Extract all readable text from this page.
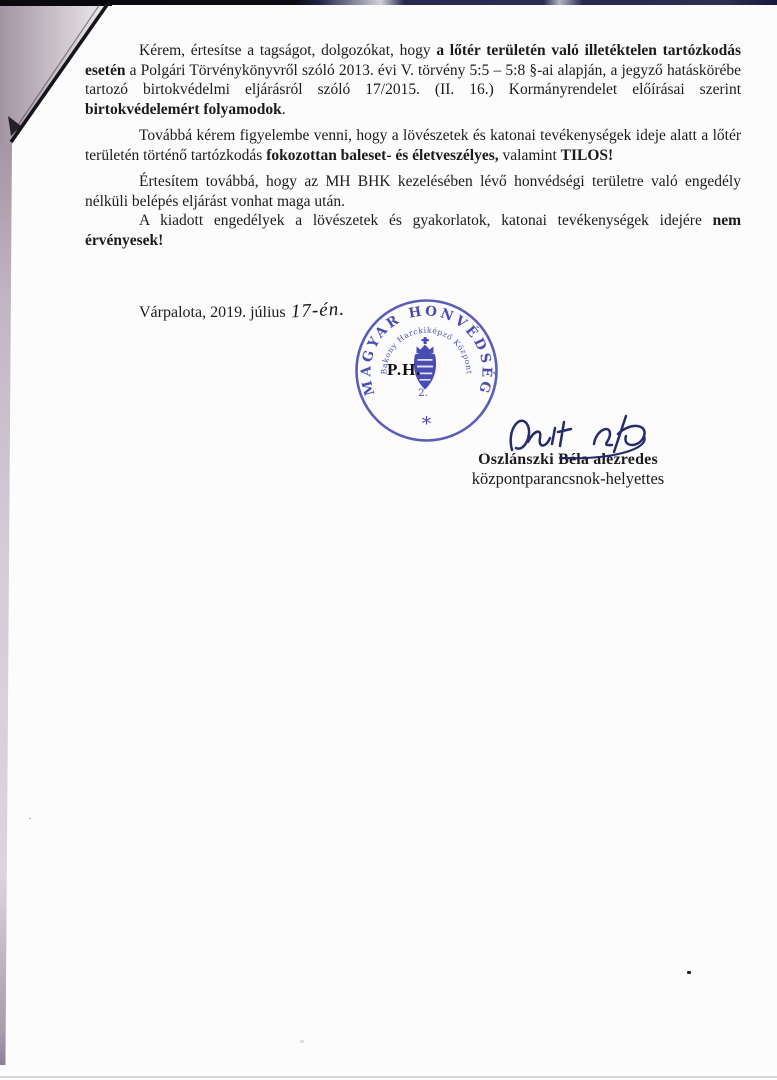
Kérem, értesítse a tagságot, dolgozókat, hogy a lőtér területén való illetéktelen tartózkodás esetén a Polgári Törvénykönyvről szóló 2013. évi V. törvény 5:5 – 5:8 §-ai alapján, a jegyző hatáskörébe tartozó birtokvédelmi eljárásról szóló 17/2015. (II. 16.) Kormányrendelet előírásai szerint birtokvédelemért folyamodok.

Továbbá kérem figyelembe venni, hogy a lövészetek és katonai tevékenységek ideje alatt a lőtér területén történő tartózkodás fokozottan baleset- és életveszélyes, valamint TILOS!

Értesítem továbbá, hogy az MH BHK kezelésében lévő honvédségi területre való engedély nélküli belépés eljárást vonhat maga után.

A kiadott engedélyek a lövészetek és gyakorlatok, katonai tevékenységek idejére nem érvényesek!

Várpalota, 2019. július 17-én.
P.H.
MAGYAR HONVÉDSÉG
Bakony Harckiképző Központ
2.
*
Oszlánszki Béla alezredes
központparancsnok-helyettes
